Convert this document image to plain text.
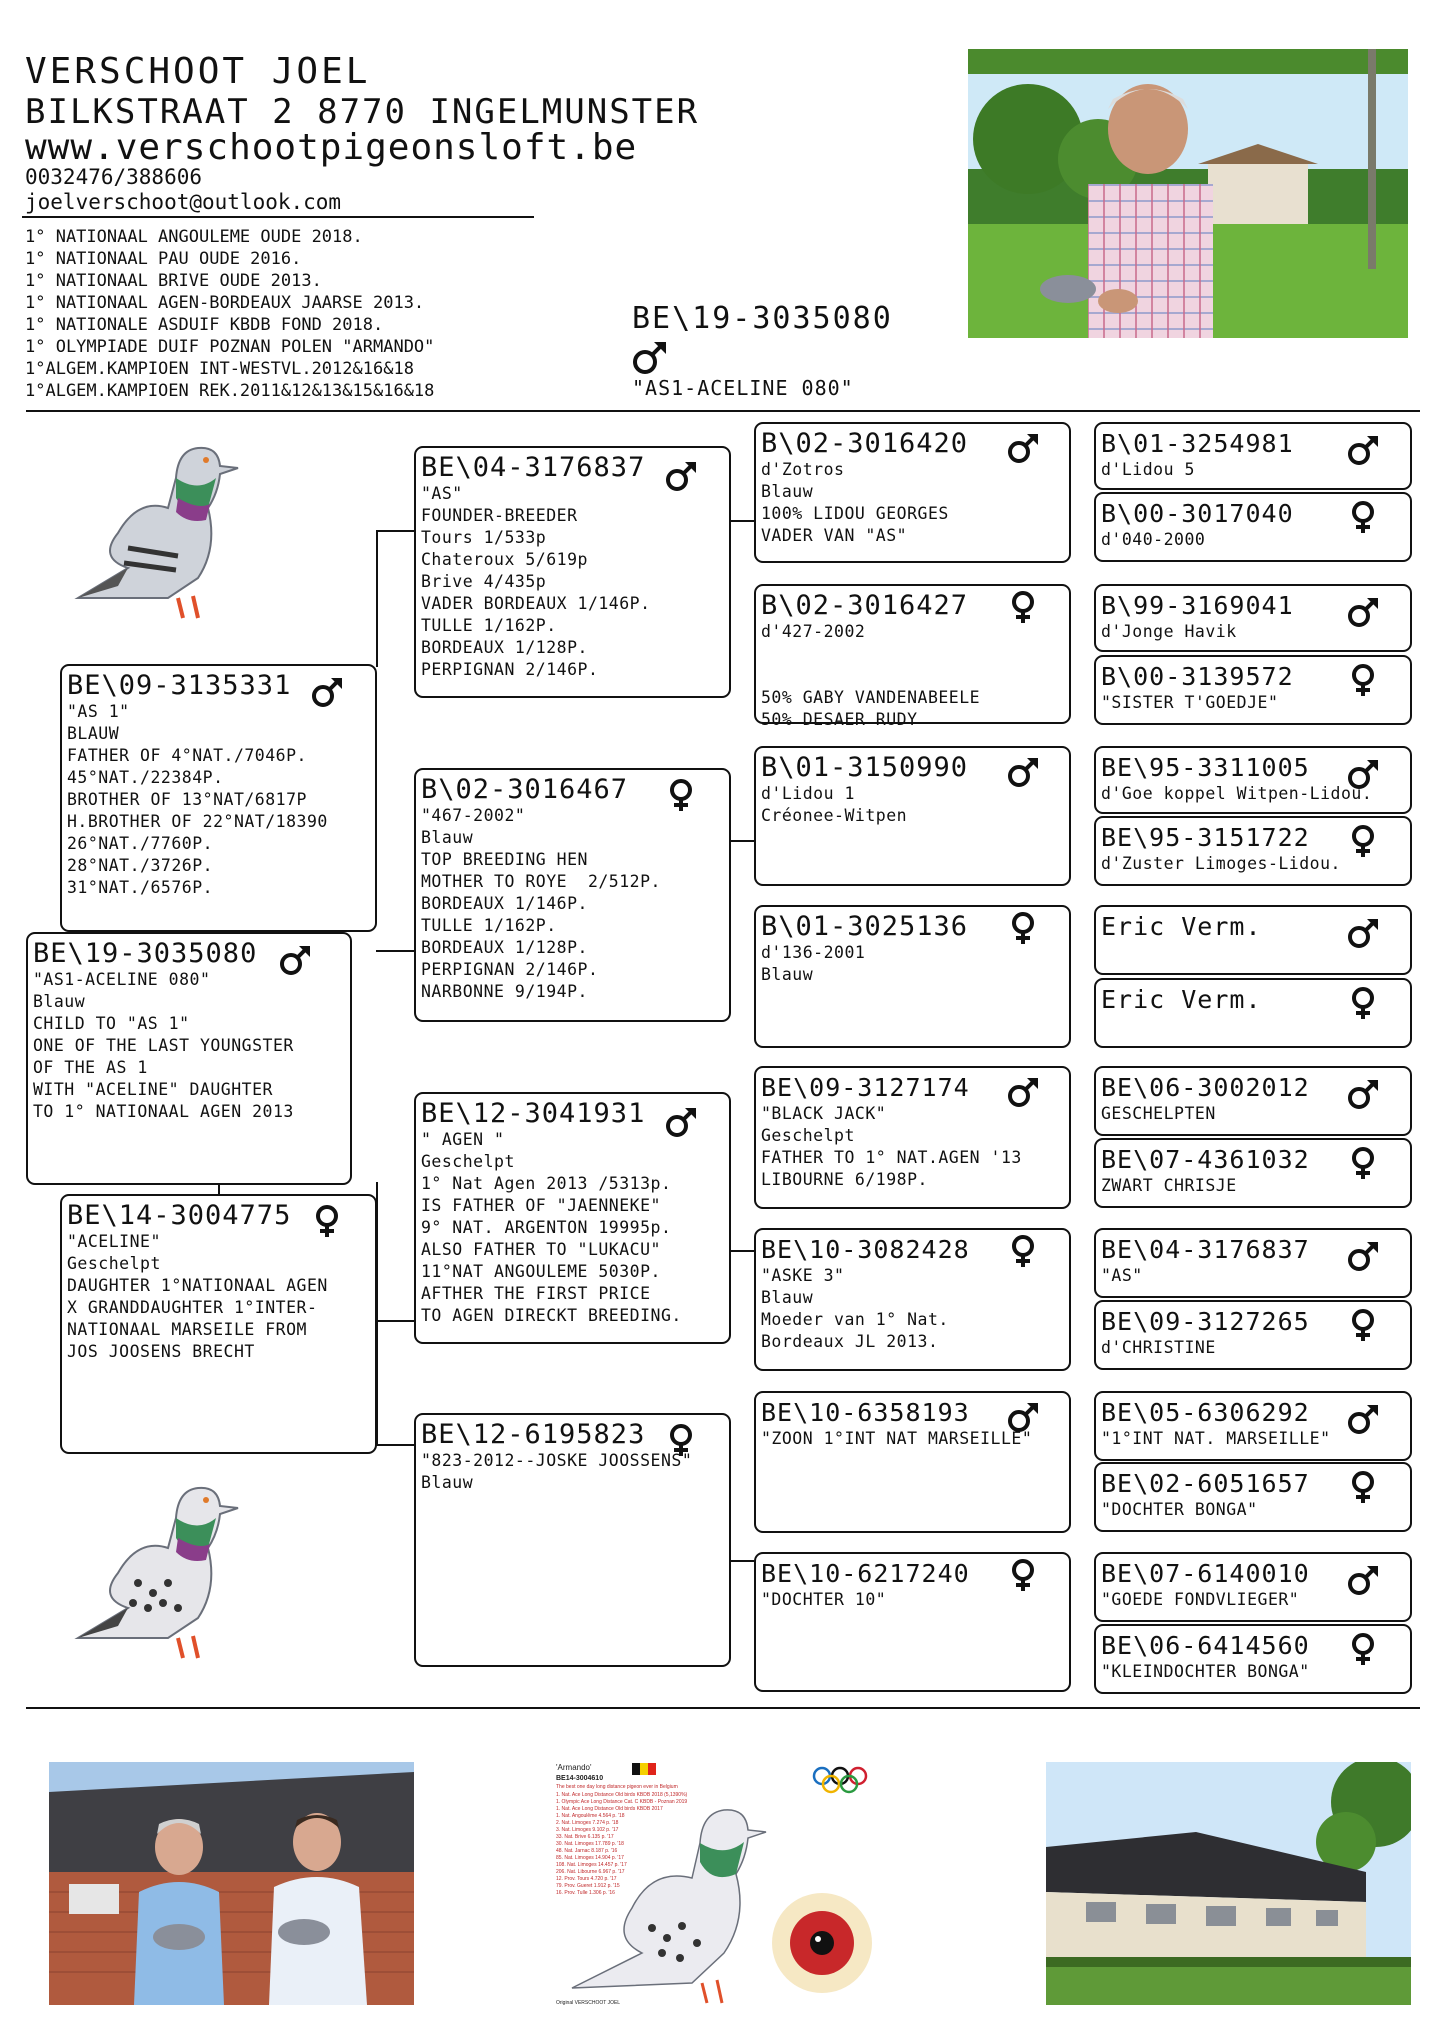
VERSCHOOT JOEL
BILKSTRAAT 2 8770 INGELMUNSTER
www.verschootpigeonsloft.be
0032476/388606
joelverschoot@outlook.com
1° NATIONAAL ANGOULEME OUDE 2018.
1° NATIONAAL PAU OUDE 2016.
1° NATIONAAL BRIVE OUDE 2013.
1° NATIONAAL AGEN-BORDEAUX JAARSE 2013.
1° NATIONALE ASDUIF KBDB FOND 2018.
1° OLYMPIADE DUIF POZNAN POLEN "ARMANDO"
1°ALGEM.KAMPIOEN INT-WESTVL.2012&16&18
1°ALGEM.KAMPIOEN REK.2011&12&13&15&16&18
BE\19-3035080
"AS1-ACELINE 080"
BE\19-3035080
"AS1-ACELINE 080"
Blauw
CHILD TO "AS 1"
ONE OF THE LAST YOUNGSTER
OF THE AS 1
WITH "ACELINE" DAUGHTER
TO 1° NATIONAAL AGEN 2013
BE\09-3135331
"AS 1"
BLAUW
FATHER OF 4°NAT./7046P.
45°NAT./22384P.
BROTHER OF 13°NAT/6817P
H.BROTHER OF 22°NAT/18390
26°NAT./7760P.
28°NAT./3726P.
31°NAT./6576P.
BE\14-3004775
"ACELINE"
Geschelpt
DAUGHTER 1°NATIONAAL AGEN
X GRANDDAUGHTER 1°INTER-
NATIONAAL MARSEILE FROM
JOS JOOSENS BRECHT
BE\04-3176837
"AS"
FOUNDER-BREEDER
Tours 1/533p
Chateroux 5/619p
Brive 4/435p
VADER BORDEAUX 1/146P.
TULLE 1/162P.
BORDEAUX 1/128P.
PERPIGNAN 2/146P.
B\02-3016467
"467-2002"
Blauw
TOP BREEDING HEN
MOTHER TO ROYE  2/512P.
BORDEAUX 1/146P.
TULLE 1/162P.
BORDEAUX 1/128P.
PERPIGNAN 2/146P.
NARBONNE 9/194P.
BE\12-3041931
" AGEN "
Geschelpt
1° Nat Agen 2013 /5313p.
IS FATHER OF "JAENNEKE"
9° NAT. ARGENTON 19995p.
ALSO FATHER TO "LUKACU"
11°NAT ANGOULEME 5030P.
AFTHER THE FIRST PRICE
TO AGEN DIRECKT BREEDING.
BE\12-6195823
"823-2012--JOSKE JOOSSENS"
Blauw
B\02-3016420
d'Zotros
Blauw
100% LIDOU GEORGES
VADER VAN "AS"
B\02-3016427
d'427-2002

50% GABY VANDENABEELE
50% DESAER RUDY
B\01-3150990
d'Lidou 1
Créonee-Witpen
B\01-3025136
d'136-2001
Blauw
BE\09-3127174
"BLACK JACK"
Geschelpt
FATHER TO 1° NAT.AGEN '13
LIBOURNE 6/198P.
BE\10-3082428
"ASKE 3"
Blauw
Moeder van 1° Nat.
Bordeaux JL 2013.
BE\10-6358193
"ZOON 1°INT NAT MARSEILLE"
BE\10-6217240
"DOCHTER 10"
B\01-3254981
d'Lidou 5
B\00-3017040
d'040-2000
B\99-3169041
d'Jonge Havik
B\00-3139572
"SISTER T'GOEDJE"
BE\95-3311005
d'Goe koppel Witpen-Lidou.
BE\95-3151722
d'Zuster Limoges-Lidou.
Eric Verm.
Eric Verm.
BE\06-3002012
GESCHELPTEN
BE\07-4361032
ZWART CHRISJE
BE\04-3176837
"AS"
BE\09-3127265
d'CHRISTINE
BE\05-6306292
"1°INT NAT. MARSEILLE"
BE\02-6051657
"DOCHTER BONGA"
BE\07-6140010
"GOEDE FONDVLIEGER"
BE\06-6414560
"KLEINDOCHTER BONGA"
'Armando'
BE14-3004610
The best one day long distance pigeon ever in Belgium
1. Nat. Ace Long Distance Old birds KBDB 2018 (5,1390%)
1. Olympic Ace Long Distance Cat. C KBDB - Poznan 2019
1. Nat. Ace Long Distance Old birds KBDB 2017
1. Nat. Angoulême 4.564 p. '18
2. Nat. Limoges 7.274 p. '18
3. Nat. Limoges 9.102 p. '17
33. Nat. Brive 6.135 p. '17
30. Nat. Limoges 17.789 p. '18
48. Nat. Jarnac 8.187 p. '16
85. Nat. Limoges 14.904 p. '17
108. Nat. Limoges 14.457 p. '17
206. Nat. Libourne 6.967 p. '17
12. Prov. Tours 4.720 p. '17
79. Prov. Gueret 1.912 p. '15
16. Prov. Tulle 1.306 p. '16
Original VERSCHOOT JOEL
